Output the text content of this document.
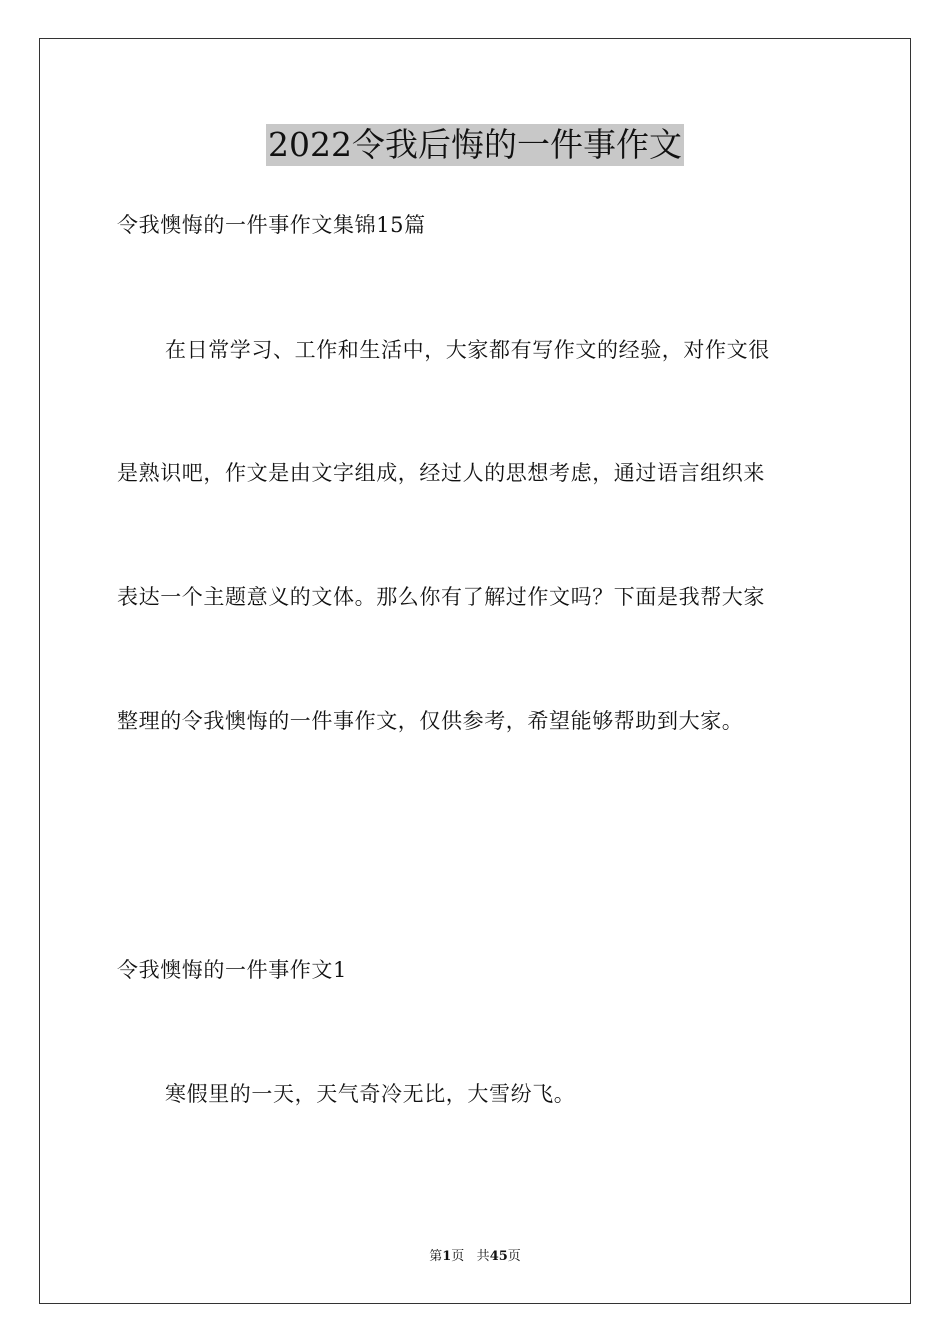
2022令我后悔的一件事作文
令我懊悔的一件事作文集锦15篇
在日常学习、工作和生活中，大家都有写作文的经验，对作文很
是熟识吧，作文是由文字组成，经过人的思想考虑，通过语言组织来
表达一个主题意义的文体。那么你有了解过作文吗？下面是我帮大家
整理的令我懊悔的一件事作文，仅供参考，希望能够帮助到大家。
令我懊悔的一件事作文1
寒假里的一天，天气奇冷无比，大雪纷飞。
第1页 共45页
